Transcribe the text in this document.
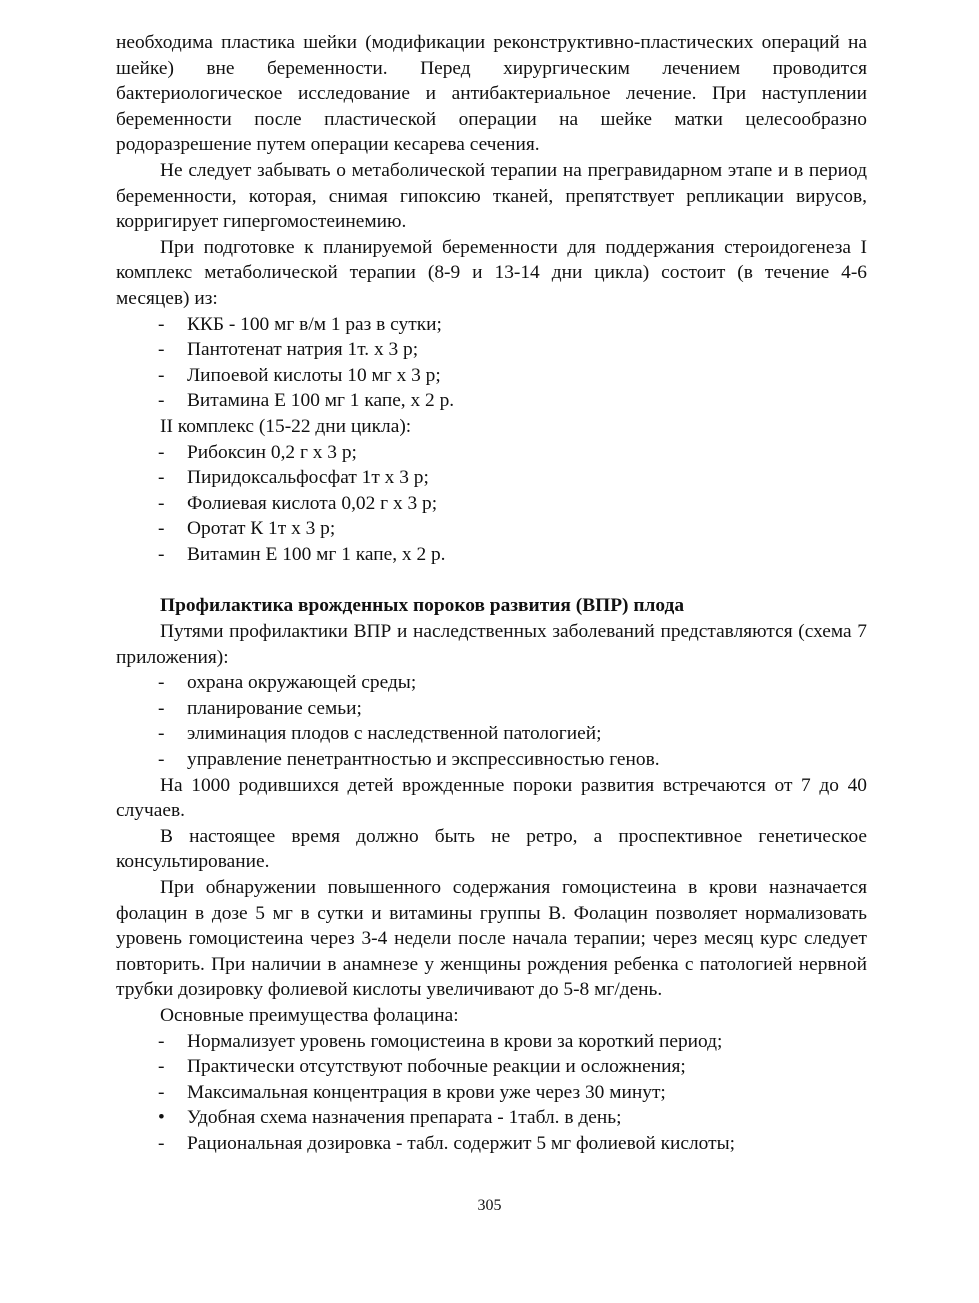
необходима пластика шейки (модификации реконструктивно-пластических операций на шейке) вне беременности. Перед хирургическим лечением проводится бактериологическое исследование и антибактериальное лечение. При наступлении беременности после пластической операции на шейке матки целесообразно родоразрешение путем операции кесарева сечения.

Не следует забывать о метаболической терапии на прегравидарном этапе и в период беременности, которая, снимая гипоксию тканей, препятствует репликации вирусов, корригирует гипергомостеинемию.

При подготовке к планируемой беременности для поддержания стероидогенеза I комплекс метаболической терапии (8-9 и 13-14 дни цикла) состоит (в течение 4-6 месяцев) из:

-	ККБ - 100 мг в/м 1 раз в сутки;
-	Пантотенат натрия 1т. х 3 р;
-	Липоевой кислоты 10 мг х 3 р;
-	Витамина Е 100 мг 1 капе, х 2 р.

II комплекс (15-22 дни цикла):

-	Рибоксин 0,2 г х 3 р;
-	Пиридоксальфосфат 1т х 3 р;
-	Фолиевая кислота 0,02 г х 3 р;
-	Оротат К 1т х 3 р;
-	Витамин Е 100 мг 1 капе, х 2 р.

Профилактика врожденных пороков развития (ВПР) плода

Путями профилактики ВПР и наследственных заболеваний представляются (схема 7 приложения):

-	охрана окружающей среды;
-	планирование семьи;
-	элиминация плодов с наследственной патологией;
-	управление пенетрантностью и экспрессивностью генов.

На 1000 родившихся детей врожденные пороки развития встречаются от 7 до 40 случаев.

В настоящее время должно быть не ретро, а проспективное генетическое консультирование.

При обнаружении повышенного содержания гомоцистеина в крови назначается фолацин в дозе 5 мг в сутки и витамины группы В. Фолацин позволяет нормализовать уровень гомоцистеина через 3-4 недели после начала терапии; через месяц курс следует повторить. При наличии в анамнезе у женщины рождения ребенка с патологией нервной трубки дозировку фолиевой кислоты увеличивают до 5-8 мг/день.

Основные преимущества фолацина:

-	Нормализует уровень гомоцистеина в крови за короткий период;
-	Практически отсутствуют побочные реакции и осложнения;
-	Максимальная концентрация в крови уже через 30 минут;
•	Удобная схема назначения препарата - 1табл. в день;
-	Рациональная дозировка - табл. содержит 5 мг фолиевой кислоты;
305
